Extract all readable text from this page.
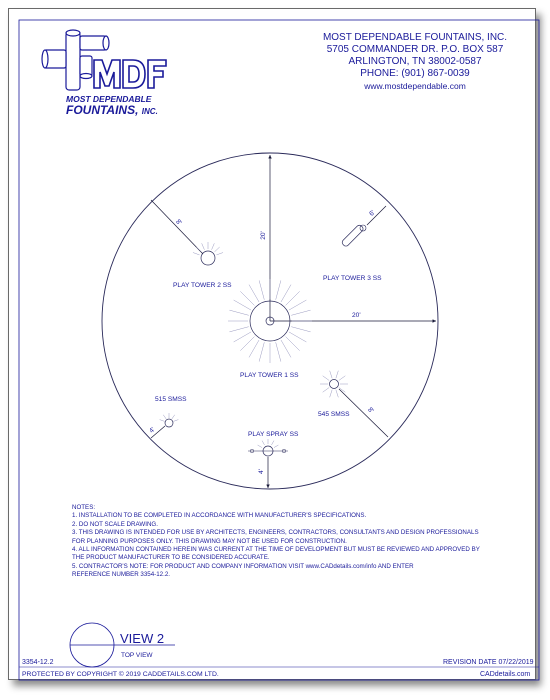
MOST DEPENDABLE
FOUNTAINS, INC.
MOST DEPENDABLE FOUNTAINS, INC.
5705 COMMANDER DR. P.O. BOX 587
ARLINGTON, TN 38002-0587
PHONE: (901) 867-0039
www.mostdependable.com
PLAY TOWER 2 SS
PLAY TOWER 3 SS
PLAY TOWER 1 SS
515 SMSS
545 SMSS
PLAY SPRAY SS
20'
20'
8'
6'
4'
8'
4'
NOTES:
1. INSTALLATION TO BE COMPLETED IN ACCORDANCE WITH MANUFACTURER'S SPECIFICATIONS.
2. DO NOT SCALE DRAWING.
3. THIS DRAWING IS INTENDED FOR USE BY ARCHITECTS, ENGINEERS, CONTRACTORS, CONSULTANTS AND DESIGN PROFESSIONALS
FOR PLANNING PURPOSES ONLY. THIS DRAWING MAY NOT BE USED FOR CONSTRUCTION.
4. ALL INFORMATION CONTAINED HEREIN WAS CURRENT AT THE TIME OF DEVELOPMENT BUT MUST BE REVIEWED AND APPROVED BY
THE PRODUCT MANUFACTURER TO BE CONSIDERED ACCURATE.
5. CONTRACTOR'S NOTE: FOR PRODUCT AND COMPANY INFORMATION VISIT www.CADdetails.com/info AND ENTER
REFERENCE NUMBER 3354-12.2.
VIEW 2
TOP VIEW
3354-12.2	REVISION DATE 07/22/2019
PROTECTED BY COPYRIGHT © 2019 CADDETAILS.COM LTD.	CADdetails.com
